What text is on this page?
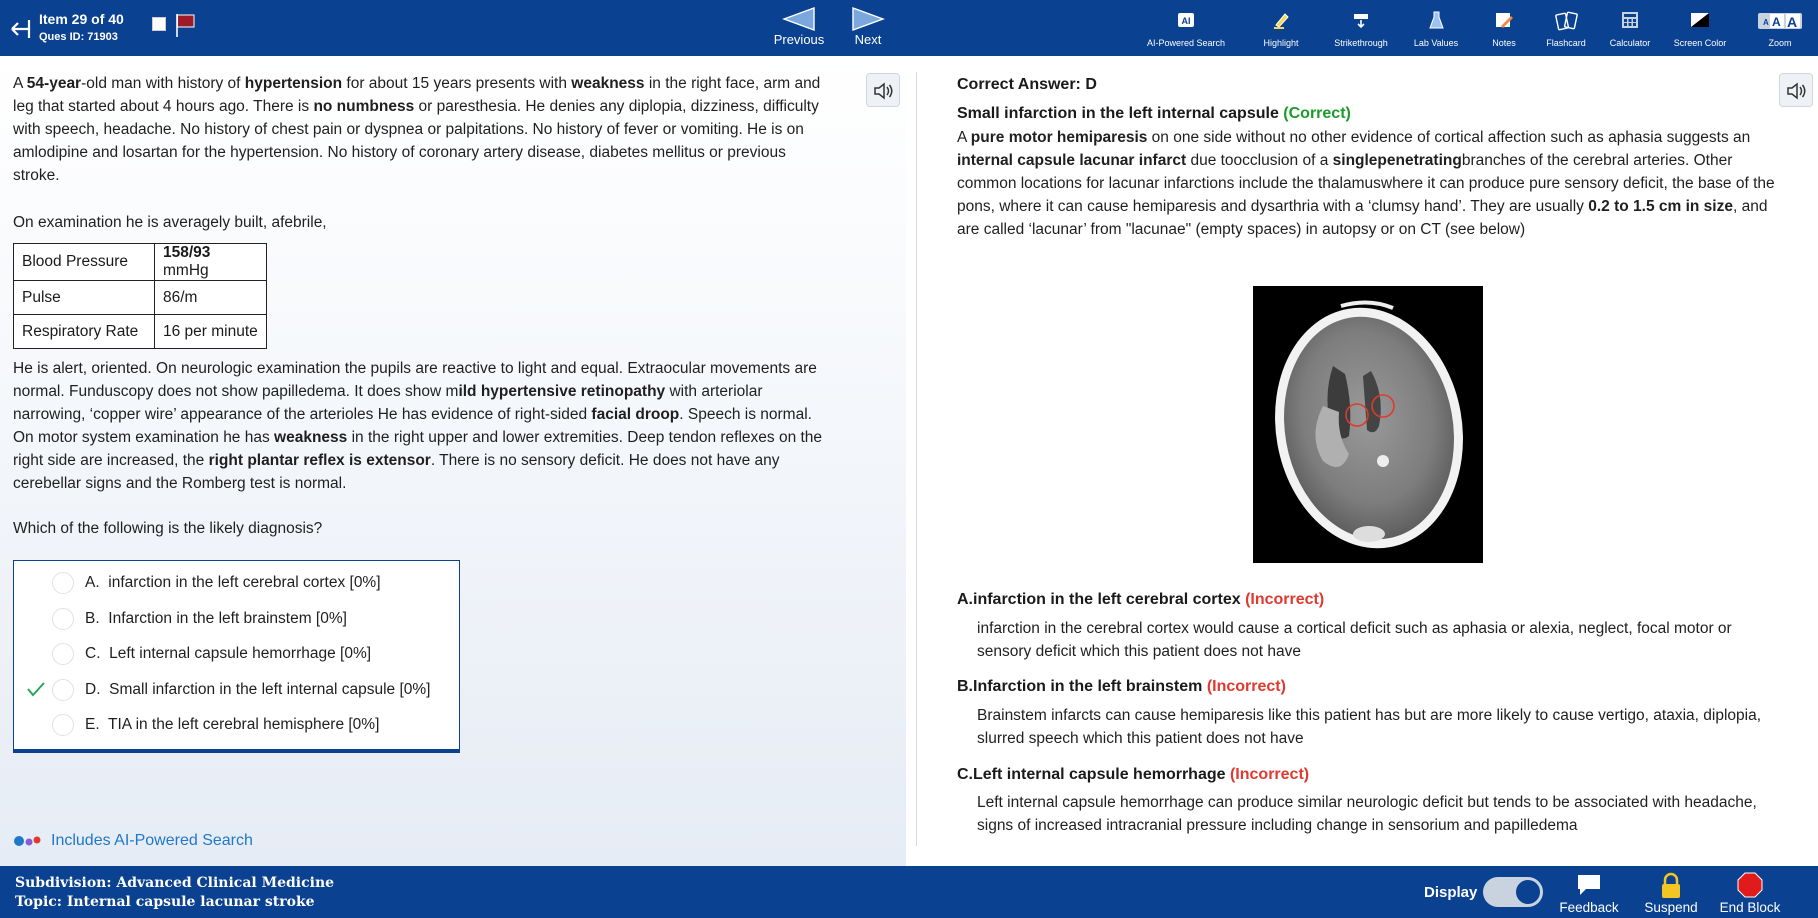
Item 29 of 40
Ques ID: 71903	Previous	Next
AI
AI-Powered Search	Highlight	Strikethrough	Lab Values	Notes	Flashcard	Calculator	Screen Color
A A A
Zoom
A 54-year-old man with history of hypertension for about 15 years presents with weakness in the right face, arm and leg that started about 4 hours ago. There is no numbness or paresthesia. He denies any diplopia, dizziness, difficulty with speech, headache. No history of chest pain or dyspnea or palpitations. No history of fever or vomiting. He is on amlodipine and losartan for the hypertension. No history of coronary artery disease, diabetes mellitus or previous stroke.
On examination he is averagely built, afebrile,
Blood Pressure	158/93 mmHg
Pulse	86/m
Respiratory Rate	16 per minute
He is alert, oriented. On neurologic examination the pupils are reactive to light and equal. Extraocular movements are normal. Funduscopy does not show papilledema. It does show mild hypertensive retinopathy with arteriolar narrowing, ‘copper wire’ appearance of the arterioles He has evidence of right-sided facial droop. Speech is normal. On motor system examination he has weakness in the right upper and lower extremities. Deep tendon reflexes on the right side are increased, the right plantar reflex is extensor. There is no sensory deficit. He does not have any cerebellar signs and the Romberg test is normal.
Which of the following is the likely diagnosis?
A. infarction in the left cerebral cortex [0%]
B. Infarction in the left brainstem [0%]
C. Left internal capsule hemorrhage [0%]
D. Small infarction in the left internal capsule [0%]
E. TIA in the left cerebral hemisphere [0%]
Includes AI-Powered Search
Correct Answer: D
Small infarction in the left internal capsule (Correct)
A pure motor hemiparesis on one side without no other evidence of cortical affection such as aphasia suggests an internal capsule lacunar infarct due toocclusion of a singlepenetratingbranches of the cerebral arteries. Other common locations for lacunar infarctions include the thalamuswhere it can produce pure sensory deficit, the base of the pons, where it can cause hemiparesis and dysarthria with a ‘clumsy hand’. They are usually 0.2 to 1.5 cm in size, and are called ‘lacunar’ from "lacunae" (empty spaces) in autopsy or on CT (see below)
A.infarction in the left cerebral cortex (Incorrect)
infarction in the cerebral cortex would cause a cortical deficit such as aphasia or alexia, neglect, focal motor or sensory deficit which this patient does not have
B.Infarction in the left brainstem (Incorrect)
Brainstem infarcts can cause hemiparesis like this patient has but are more likely to cause vertigo, ataxia, diplopia, slurred speech which this patient does not have
C.Left internal capsule hemorrhage (Incorrect)
Left internal capsule hemorrhage can produce similar neurologic deficit but tends to be associated with headache, signs of increased intracranial pressure including change in sensorium and papilledema
Subdivision: Advanced Clinical Medicine
Topic: Internal capsule lacunar stroke
Display
Feedback Suspend End Block
